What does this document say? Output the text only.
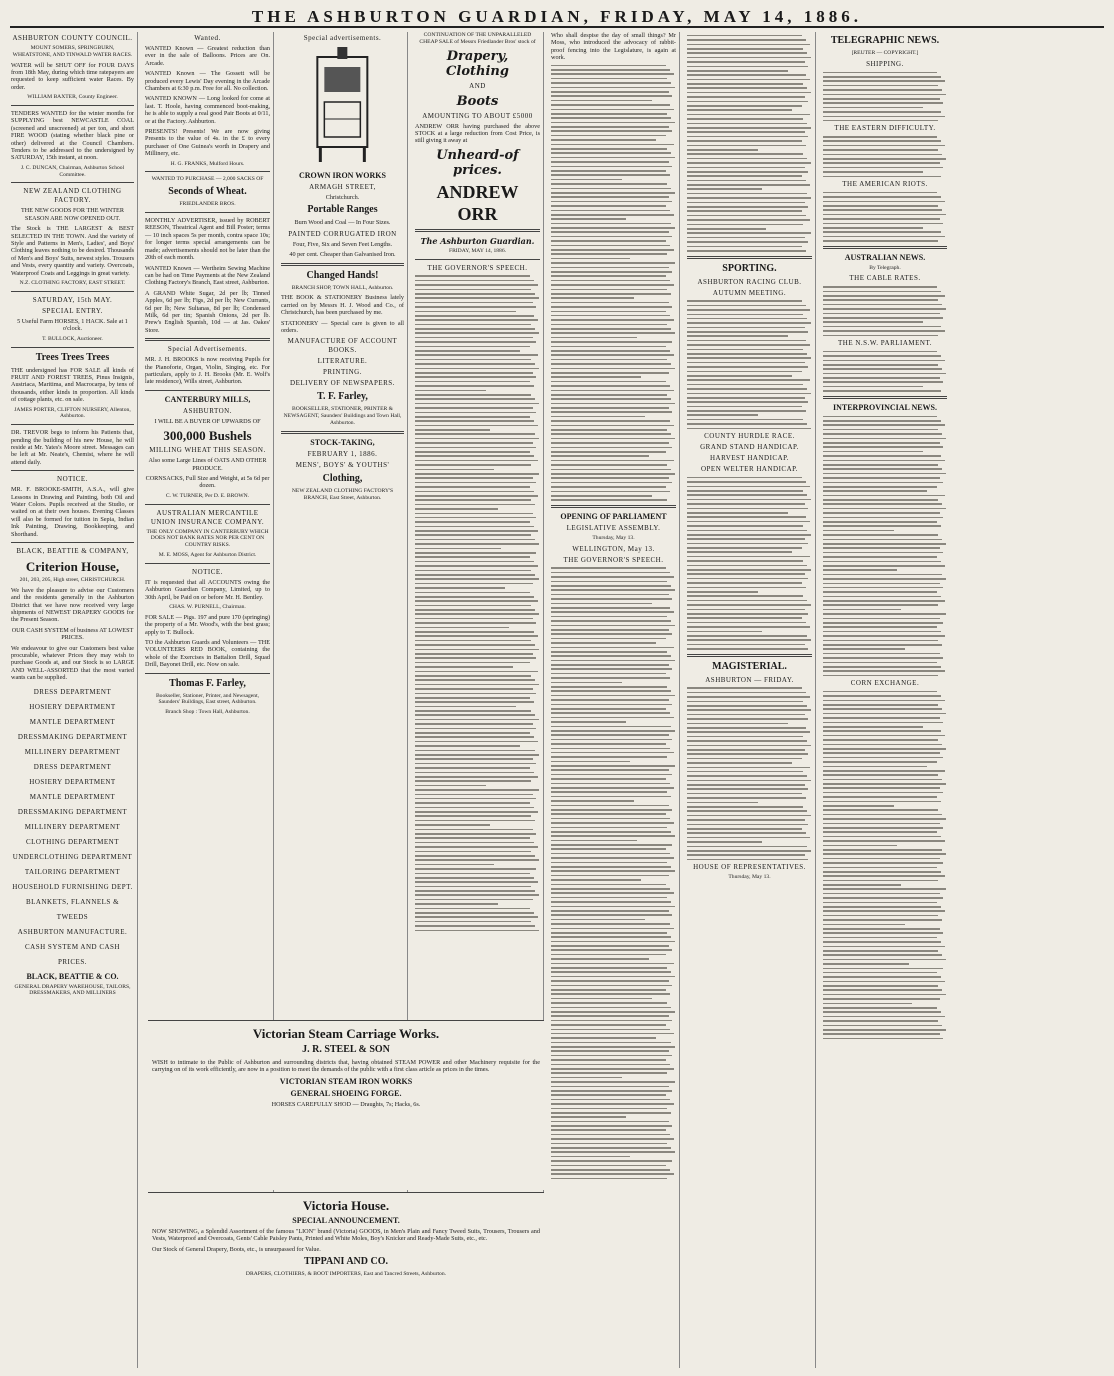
THE ASHBURTON GUARDIAN, FRIDAY, MAY 14, 1886.
ASHBURTON COUNTY COUNCIL.
MOUNT SOMERS, SPRINGBURN, WHEATSTONE, AND TINWALD WATER RACES.
WATER will be SHUT OFF for FOUR DAYS from 18th May, during which time ratepayers are requested to keep sufficient water Races. By order.
WILLIAM BAXTER, County Engineer.
TENDERS WANTED for the winter months for SUPPLYING best NEWCASTLE COAL (screened and unscreened) at per ton, and short FIRE WOOD (stating whether black pine or other) delivered at the Council Chambers. Tenders to be addressed to the undersigned by SATURDAY, 15th instant, at noon.
J. C. DUNCAN, Chairman, Ashburton School Committee.
NEW ZEALAND CLOTHING FACTORY.
THE NEW GOODS FOR THE WINTER SEASON ARE NOW OPENED OUT.
The Stock is THE LARGEST & BEST SELECTED IN THE TOWN. And the variety of Style and Patterns in Men's, Ladies', and Boys' Clothing leaves nothing to be desired. Thousands of Men's and Boys' Suits, newest styles. Trousers and Vests, every quantity and variety. Overcoats, Waterproof Coats and Leggings in great variety.
N.Z. CLOTHING FACTORY, EAST STREET.
SATURDAY, 15th MAY.
SPECIAL ENTRY.
5 Useful Farm HORSES, 1 HACK. Sale at 1 o'clock.
T. BULLOCK, Auctioneer.
Trees Trees Trees
THE undersigned has FOR SALE all kinds of FRUIT AND FOREST TREES, Pinus Insignis, Austriaca, Maritima, and Macrocarpa, by tens of thousands, either kinds in proportion. All kinds of cottage plants, etc. on sale.
JAMES PORTER, CLIFTON NURSERY, Allenton, Ashburton.
DR. TREVOR begs to inform his Patients that, pending the building of his new House, he will reside at Mr. Yates's Moore street. Messages can be left at Mr. Neate's, Chemist, where he will attend daily.
NOTICE.
MR. F. BROOKE-SMITH, A.S.A., will give Lessons in Drawing and Painting, both Oil and Water Colors. Pupils received at the Studio, or waited on at their own houses. Evening Classes will also be formed for tuition in Sepia, Indian Ink Painting, Drawing, Bookkeeping, and Shorthand.
BLACK, BEATTIE & COMPANY,
Criterion House,
201, 203, 205, High street, CHRISTCHURCH.
We have the pleasure to advise our Customers and the residents generally in the Ashburton District that we have now received very large shipments of NEWEST DRAPERY GOODS for the Present Season.
OUR CASH SYSTEM of business AT LOWEST PRICES.
We endeavour to give our Customers best value procurable, whatever Prices they may wish to purchase Goods at, and our Stock is so LARGE AND WELL-ASSORTED that the most varied wants can be supplied.
DRESS DEPARTMENT
HOSIERY DEPARTMENT
MANTLE DEPARTMENT
DRESSMAKING DEPARTMENT
MILLINERY DEPARTMENT
DRESS DEPARTMENT
HOSIERY DEPARTMENT
MANTLE DEPARTMENT
DRESSMAKING DEPARTMENT
MILLINERY DEPARTMENT
CLOTHING DEPARTMENT
UNDERCLOTHING DEPARTMENT
TAILORING DEPARTMENT
HOUSEHOLD FURNISHING DEPT.
BLANKETS, FLANNELS & TWEEDS
ASHBURTON MANUFACTURE.
CASH SYSTEM AND CASH PRICES.
BLACK, BEATTIE & CO.
GENERAL DRAPERY WAREHOUSE, TAILORS, DRESSMAKERS, AND MILLINERS
Wanted.
WANTED Known — Greatest reduction than ever in the sale of Balloons. Prices are On. Arcade.
WANTED Known — The Gossett will be produced every Lewis' Day evening in the Arcade Chambers at 6:30 p.m. Free for all. No collection.
WANTED KNOWN — Long looked for come at last. T. Hoole, having commenced boot-making, he is able to supply a real good Pair Boots at 0/11, or at the Factory. Ashburton.
PRESENTS! Presents! We are now giving Presents to the value of 4s. in the £ to every purchaser of One Guinea's worth in Drapery and Millinery, etc.
H. G. FRANKS, Mulford Hours.
WANTED TO PURCHASE — 2,000 SACKS OF
Seconds of Wheat.
FRIEDLANDER BROS.
MONTHLY ADVERTISER, issued by ROBERT REESON, Theatrical Agent and Bill Poster; terms — 10 inch spaces 5s per month, contra space 10s; for longer terms special arrangements can be made; advertisements should not be later than the 20th of each month.
WANTED Known — Wertheim Sewing Machine can be had on Time Payments at the New Zealand Clothing Factory's Branch, East street, Ashburton.
A GRAND White Sugar, 2d per lb; Tinned Apples, 6d per lb; Figs, 2d per lb; New Currants, 6d per lb; New Sultanas, 8d per lb; Condensed Milk, 6d per tin; Spanish Onions, 2d per lb. Prew's English Spanish, 10d — at Jas. Oakes' Store.
Special Advertisements.
MR. J. H. BROOKS is now receiving Pupils for the Pianoforte, Organ, Violin, Singing, etc. For particulars, apply to J. H. Brooks (Mr. E. Wolf's late residence), Wills street, Ashburton.
CANTERBURY MILLS,
ASHBURTON.
I WILL BE A BUYER OF UPWARDS OF
300,000 Bushels
MILLING WHEAT THIS SEASON.
Also some Large Lines of OATS AND OTHER PRODUCE.
CORNSACKS, Full Size and Weight, at 5s 6d per dozen.
C. W. TURNER, Per D. E. BROWN.
AUSTRALIAN MERCANTILE UNION INSURANCE COMPANY.
THE ONLY COMPANY IN CANTERBURY WHICH DOES NOT BANK RATES NOR PER CENT ON COUNTRY RISKS.
M. E. MOSS, Agent for Ashburton District.
NOTICE.
IT is requested that all ACCOUNTS owing the Ashburton Guardian Company, Limited, up to 30th April, be Paid on or before Mr. H. Bentley.
CHAS. W. PURNELL, Chairman.
FOR SALE — Pigs. 197 and pure 170 (springing) the property of a Mr. Wood's, with the best grass; apply to T. Bullock.
TO the Ashburton Guards and Volunteers — THE VOLUNTEERS RED BOOK, containing the whole of the Exercises in Battalion Drill, Squad Drill, Bayonet Drill, etc. Now on sale.
Thomas F. Farley,
Bookseller, Stationer, Printer, and Newsagent, Saunders' Buildings, East street, Ashburton.
Branch Shop : Town Hall, Ashburton.
Special advertisements.
CROWN IRON WORKS
ARMAGH STREET,
Christchurch.
Portable Ranges
Burn Wood and Coal — In Four Sizes.
PAINTED CORRUGATED IRON
Four, Five, Six and Seven Feet Lengths.
40 per cent. Cheaper than Galvanised Iron.
Changed Hands!
BRANCH SHOP, TOWN HALL, Ashburton.
THE BOOK & STATIONERY Business lately carried on by Messrs H. J. Wood and Co., of Christchurch, has been purchased by me.
STATIONERY — Special care is given to all orders.
MANUFACTURE OF ACCOUNT BOOKS.
LITERATURE.
PRINTING.
DELIVERY OF NEWSPAPERS.
T. F. Farley,
BOOKSELLER, STATIONER, PRINTER & NEWSAGENT, Saunders' Buildings and Town Hall, Ashburton.
STOCK-TAKING,
FEBRUARY 1, 1886.
MENS', BOYS' & YOUTHS'
Clothing,
NEW ZEALAND CLOTHING FACTORY'S BRANCH, East Street, Ashburton.
CONTINUATION OF THE UNPARALLELED CHEAP SALE of Messrs Friedlander Bros' stock of
Drapery, Clothing
AND
Boots
AMOUNTING TO ABOUT £5000
ANDREW ORR having purchased the above STOCK at a large reduction from Cost Price, is still giving it away at
Unheard-of prices.
ANDREW ORR
The Ashburton Guardian.
FRIDAY, MAY 14, 1886.
THE GOVERNOR'S SPEECH.
Who shall despise the day of small things? Mr Moss, who introduced the advocacy of rabbit-proof fencing into the Legislature, is again at work.
OPENING OF PARLIAMENT
LEGISLATIVE ASSEMBLY.
Thursday, May 13.
WELLINGTON, May 13.
THE GOVERNOR'S SPEECH.
SPORTING.
ASHBURTON RACING CLUB.
AUTUMN MEETING.
COUNTY HURDLE RACE.
GRAND STAND HANDICAP.
HARVEST HANDICAP.
OPEN WELTER HANDICAP.
MAGISTERIAL.
ASHBURTON — FRIDAY.
HOUSE OF REPRESENTATIVES.
Thursday, May 13.
TELEGRAPHIC NEWS.
[REUTER — COPYRIGHT.]
SHIPPING.
THE EASTERN DIFFICULTY.
THE AMERICAN RIOTS.
AUSTRALIAN NEWS.
By Telegraph.
THE CABLE RATES.
THE N.S.W. PARLIAMENT.
INTERPROVINCIAL NEWS.
CORN EXCHANGE.
Victorian Steam Carriage Works.
J. R. STEEL & SON
WISH to intimate to the Public of Ashburton and surrounding districts that, having obtained STEAM POWER and other Machinery requisite for the carrying on of its work efficiently, are now in a position to meet the demands of the public with a first class article as prices in the times.
VICTORIAN STEAM IRON WORKS
GENERAL SHOEING FORGE.
HORSES CAREFULLY SHOD — Draughts, 7s; Hacks, 6s.
Victoria House.
SPECIAL ANNOUNCEMENT.
NOW SHOWING, a Splendid Assortment of the famous "LION" brand (Victoria) GOODS, in Men's Plain and Fancy Tweed Suits, Trousers, Trousers and Vests, Waterproof and Overcoats, Gents' Cable Paisley Pants, Printed and White Moles, Boy's Knicker and Ready-Made Suits, etc., etc.
Our Stock of General Drapery, Boots, etc., is unsurpassed for Value.
TIPPANI AND CO.
DRAPERS, CLOTHIERS, & BOOT IMPORTERS, East and Tancred Streets, Ashburton.
